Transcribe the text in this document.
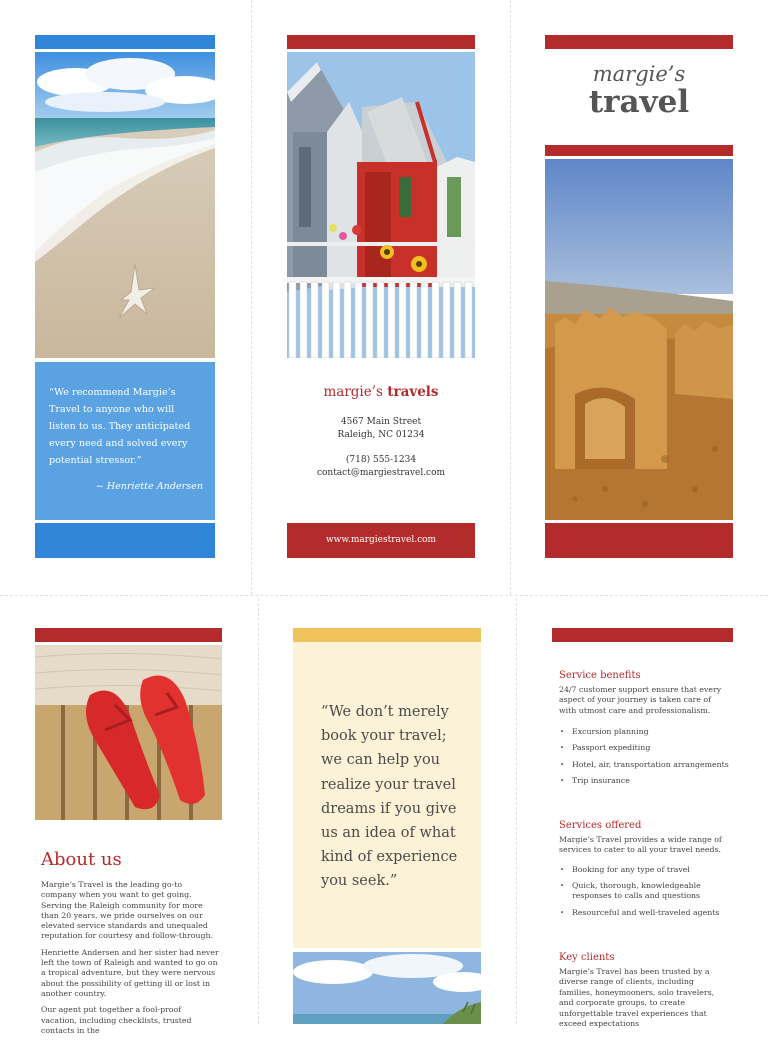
“We recommend Margie’s Travel to anyone who will listen to us. They anticipated every need and solved every potential stressor.”

~ Henriette Andersen
margie’s travels
4567 Main Street
Raleigh, NC 01234
(718) 555-1234
contact@margiestravel.com
www.margiestravel.com
margie’s
travel
About us

Margie’s Travel is the leading go-to company when you want to get going. Serving the Raleigh community for more than 20 years, we pride ourselves on our elevated service standards and unequaled reputation for courtesy and follow-through.

Henriette Andersen and her sister had never left the town of Raleigh and wanted to go on a tropical adventure, but they were nervous about the possibility of getting ill or lost in another country.

Our agent put together a fool-proof vacation, including checklists, trusted contacts in the

“We don’t merely book your travel; we can help you realize your travel dreams if you give us an idea of what kind of experience you seek.”

Service benefits
24/7 customer support ensure that every aspect of your journey is taken care of with utmost care and professionalism.
• Excursion planning
• Passport expediting
• Hotel, air, transportation arrangements
• Trip insurance
Services offered
Margie’s Travel provides a wide range of services to cater to all your travel needs.
• Booking for any type of travel
• Quick, thorough, knowledgeable responses to calls and questions
• Resourceful and well-traveled agents
Key clients
Margie’s Travel has been trusted by a diverse range of clients, including families, honeymooners, solo travelers, and corporate groups, to create unforgettable travel experiences that exceed expectations
